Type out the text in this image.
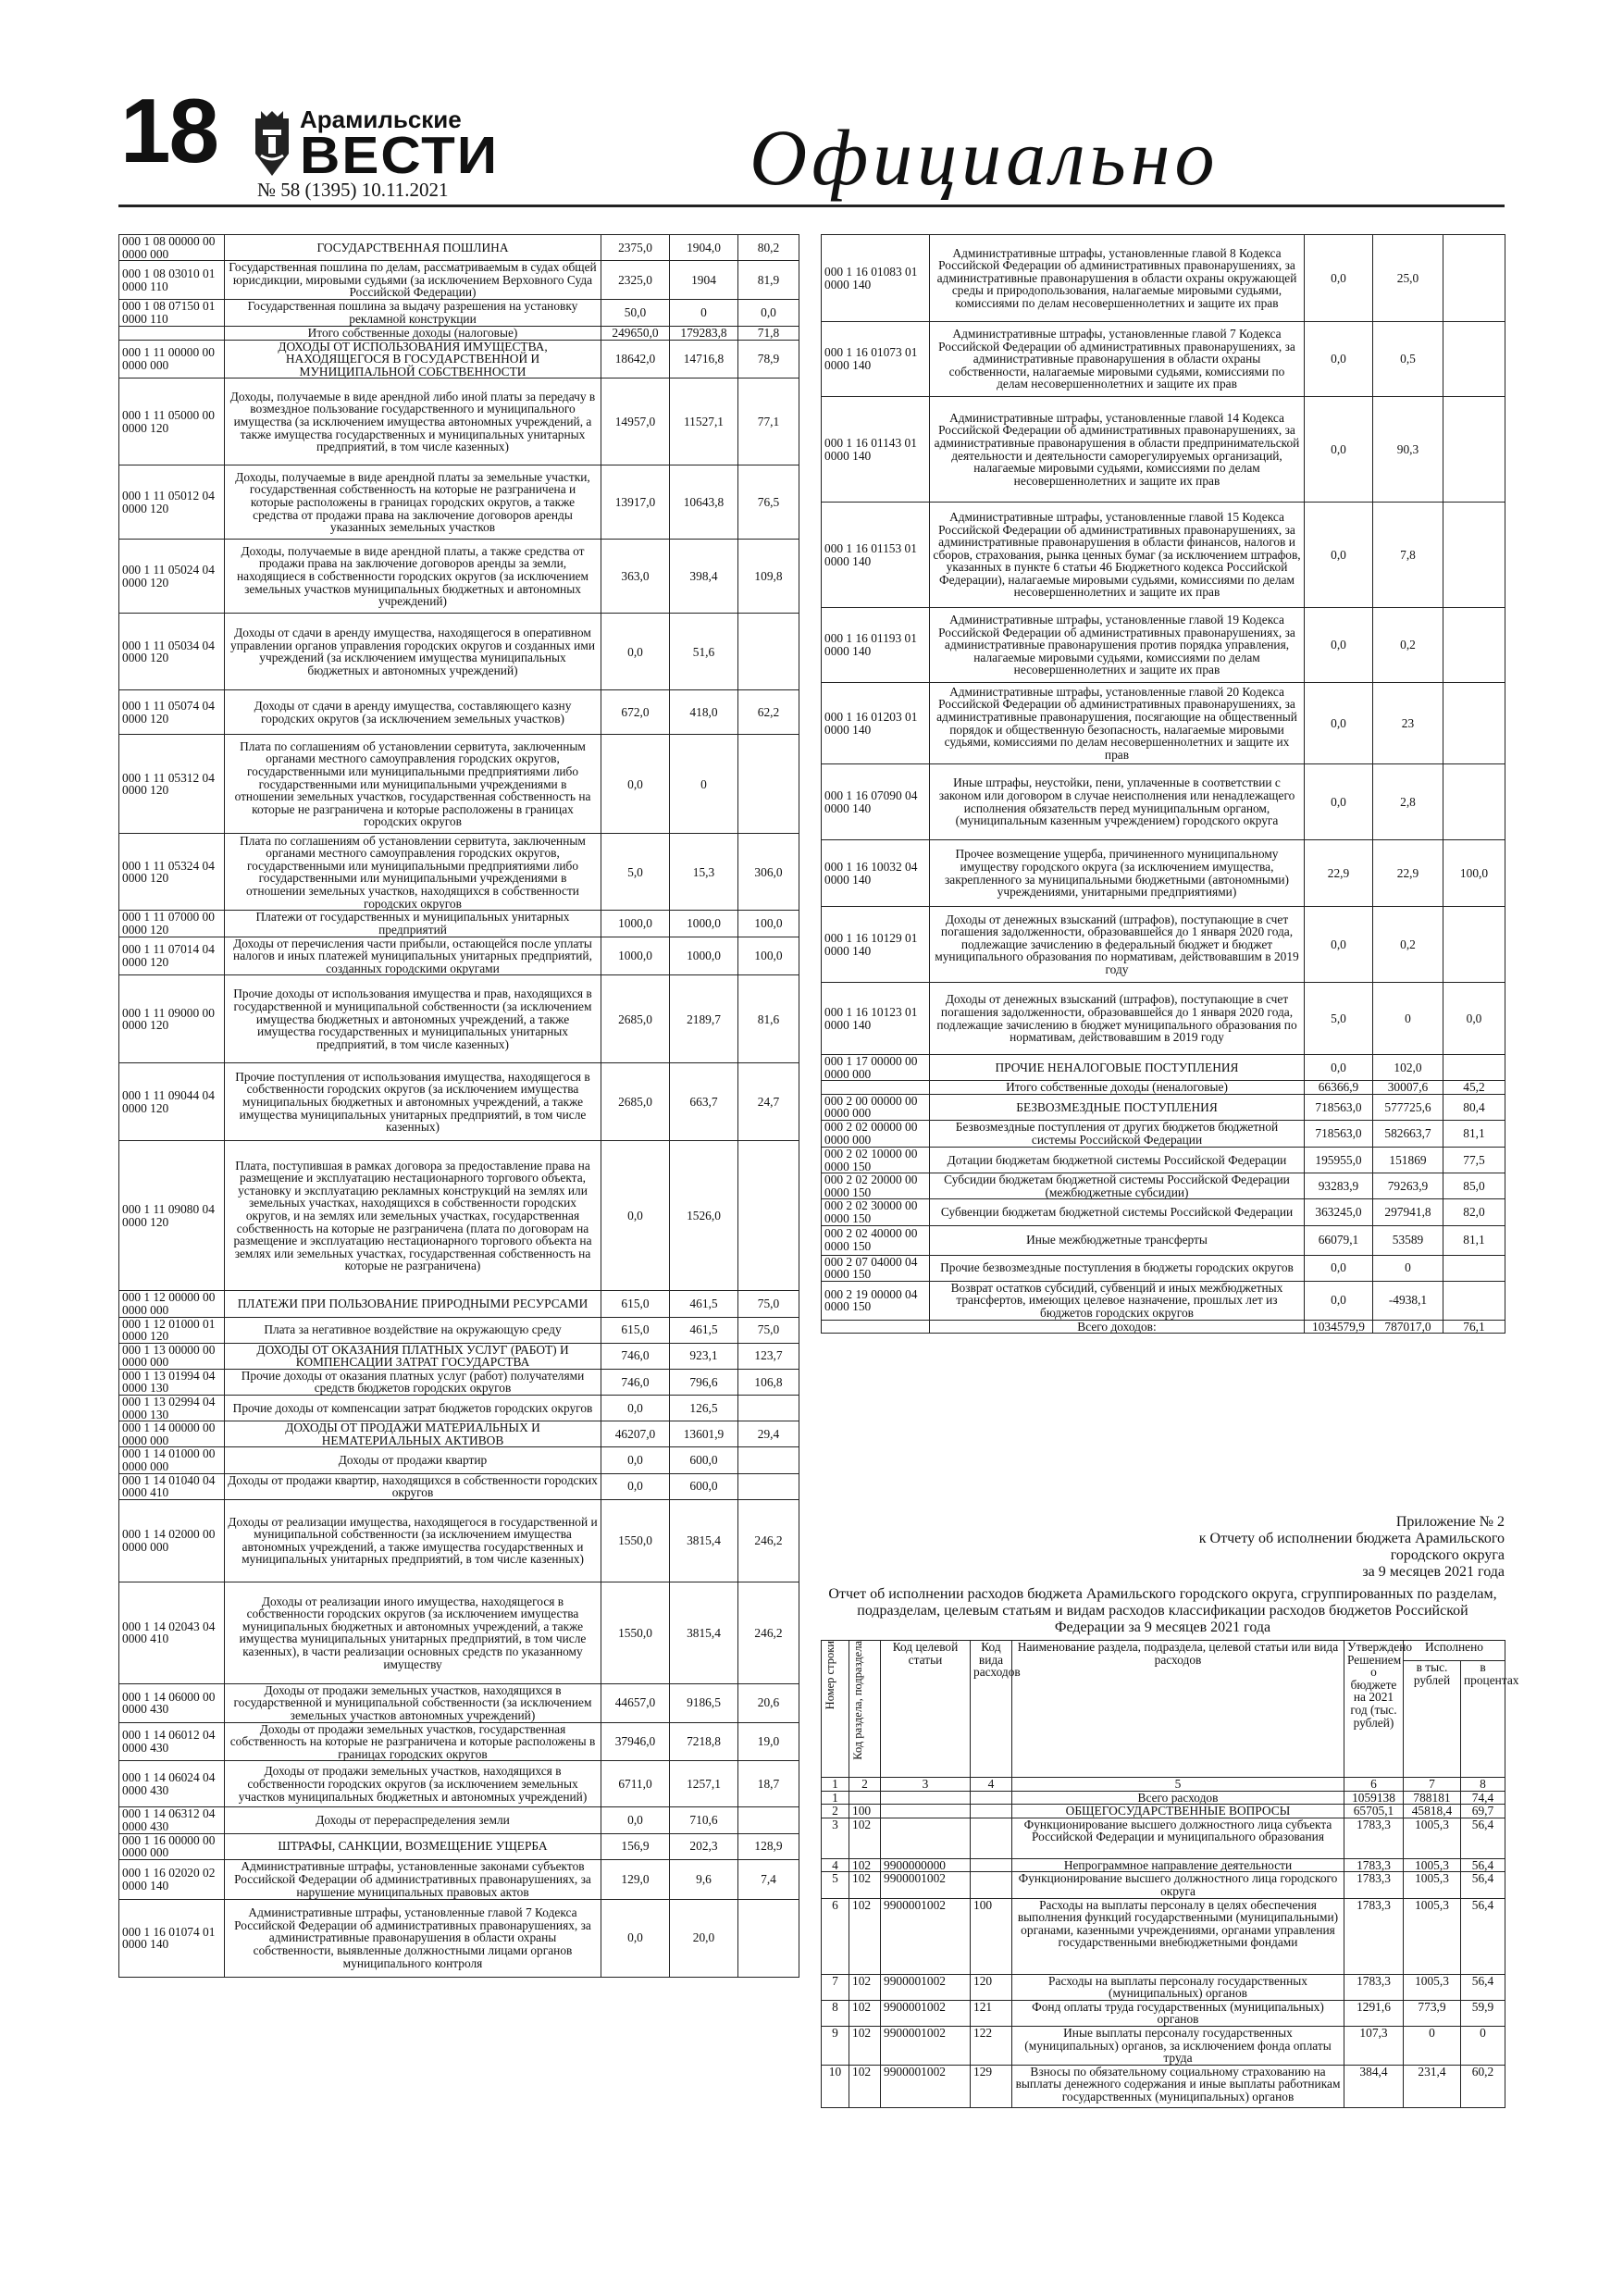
18	Арамильские
ВЕСТИ
№ 58 (1395) 10.11.2021	Официально
000 1 08 00000 00 0000 000	ГОСУДАРСТВЕННАЯ ПОШЛИНА	2375,0	1904,0	80,2
000 1 08 03010 01 0000 110	Государственная пошлина по делам, рассматриваемым в судах общей юрисдикции, мировыми судьями (за исключением Верховного Суда Российской Федерации)	2325,0	1904	81,9
000 1 08 07150 01 0000 110	Государственная пошлина за выдачу разрешения на установку рекламной конструкции	50,0	0	0,0
	Итого собственные доходы (налоговые)	249650,0	179283,8	71,8
000 1 11 00000 00 0000 000	ДОХОДЫ ОТ ИСПОЛЬЗОВАНИЯ ИМУЩЕСТВА, НАХОДЯЩЕГОСЯ В ГОСУДАРСТВЕННОЙ И МУНИЦИПАЛЬНОЙ СОБСТВЕННОСТИ	18642,0	14716,8	78,9
000 1 11 05000 00 0000 120	Доходы, получаемые в виде арендной либо иной платы за передачу в возмездное пользование государственного и муниципального имущества (за исключением имущества автономных учреждений, а также имущества государственных и муниципальных унитарных предприятий, в том числе казенных)	14957,0	11527,1	77,1
000 1 11 05012 04 0000 120	Доходы, получаемые в виде арендной платы за земельные участки, государственная собственность на которые не разграничена и которые расположены в границах городских округов, а также средства от продажи права на заключение договоров аренды указанных земельных участков	13917,0	10643,8	76,5
000 1 11 05024 04 0000 120	Доходы, получаемые в виде арендной платы, а также средства от продажи права на заключение договоров аренды за земли, находящиеся в собственности городских округов (за исключением земельных участков муниципальных бюджетных и автономных учреждений)	363,0	398,4	109,8
000 1 11 05034 04 0000 120	Доходы от сдачи в аренду имущества, находящегося в оперативном управлении органов управления городских округов и созданных ими учреждений (за исключением имущества муниципальных бюджетных и автономных учреждений)	0,0	51,6	
000 1 11 05074 04 0000 120	Доходы от сдачи в аренду имущества, составляющего казну городских округов (за исключением земельных участков)	672,0	418,0	62,2
000 1 11 05312 04 0000 120	Плата по соглашениям об установлении сервитута, заключенным органами местного самоуправления городских округов, государственными или муниципальными предприятиями либо государственными или муниципальными учреждениями в отношении земельных участков, государственная собственность на которые не разграничена и которые расположены в границах городских округов	0,0	0	
000 1 11 05324 04 0000 120	Плата по соглашениям об установлении сервитута, заключенным органами местного самоуправления городских округов, государственными или муниципальными предприятиями либо государственными или муниципальными учреждениями в отношении земельных участков, находящихся в собственности городских округов	5,0	15,3	306,0
000 1 11 07000 00 0000 120	Платежи от государственных и муниципальных унитарных предприятий	1000,0	1000,0	100,0
000 1 11 07014 04 0000 120	Доходы от перечисления части прибыли, остающейся после уплаты налогов и иных платежей муниципальных унитарных предприятий, созданных городскими округами	1000,0	1000,0	100,0
000 1 11 09000 00 0000 120	Прочие доходы от использования имущества и прав, находящихся в государственной и муниципальной собственности (за исключением имущества бюджетных и автономных учреждений, а также имущества государственных и муниципальных унитарных предприятий, в том числе казенных)	2685,0	2189,7	81,6
000 1 11 09044 04 0000 120	Прочие поступления от использования имущества, находящегося в собственности городских округов (за исключением имущества муниципальных бюджетных и автономных учреждений, а также имущества муниципальных унитарных предприятий, в том числе казенных)	2685,0	663,7	24,7
000 1 11 09080 04 0000 120	Плата, поступившая в рамках договора за предоставление права на размещение и эксплуатацию нестационарного торгового объекта, установку и эксплуатацию рекламных конструкций на землях или земельных участках, находящихся в собственности городских округов, и на землях или земельных участках, государственная собственность на которые не разграничена (плата по договорам на размещение и эксплуатацию нестационарного торгового объекта на землях или земельных участках, государственная собственность на которые не разграничена)	0,0	1526,0	
000 1 12 00000 00 0000 000	ПЛАТЕЖИ ПРИ ПОЛЬЗОВАНИЕ ПРИРОДНЫМИ РЕСУРСАМИ	615,0	461,5	75,0
000 1 12 01000 01 0000 120	Плата за негативное воздействие на окружающую среду	615,0	461,5	75,0
000 1 13 00000 00 0000 000	ДОХОДЫ ОТ ОКАЗАНИЯ ПЛАТНЫХ УСЛУГ (РАБОТ) И КОМПЕНСАЦИИ ЗАТРАТ ГОСУДАРСТВА	746,0	923,1	123,7
000 1 13 01994 04 0000 130	Прочие доходы от оказания платных услуг (работ) получателями средств бюджетов городских округов	746,0	796,6	106,8
000 1 13 02994 04 0000 130	Прочие доходы от компенсации затрат бюджетов городских округов	0,0	126,5	
000 1 14 00000 00 0000 000	ДОХОДЫ ОТ ПРОДАЖИ МАТЕРИАЛЬНЫХ И НЕМАТЕРИАЛЬНЫХ АКТИВОВ	46207,0	13601,9	29,4
000 1 14 01000 00 0000 000	Доходы от продажи квартир	0,0	600,0	
000 1 14 01040 04 0000 410	Доходы от продажи квартир, находящихся в собственности городских округов	0,0	600,0	
000 1 14 02000 00 0000 000	Доходы от реализации имущества, находящегося в государственной и муниципальной собственности (за исключением имущества автономных учреждений, а также имущества государственных и муниципальных унитарных предприятий, в том числе казенных)	1550,0	3815,4	246,2
000 1 14 02043 04 0000 410	Доходы от реализации иного имущества, находящегося в собственности городских округов (за исключением имущества муниципальных бюджетных и автономных учреждений, а также имущества муниципальных унитарных предприятий, в том числе казенных), в части реализации основных средств по указанному имуществу	1550,0	3815,4	246,2
000 1 14 06000 00 0000 430	Доходы от продажи земельных участков, находящихся в государственной и муниципальной собственности (за исключением земельных участков автономных учреждений)	44657,0	9186,5	20,6
000 1 14 06012 04 0000 430	Доходы от продажи земельных участков, государственная собственность на которые не разграничена и которые расположены в границах городских округов	37946,0	7218,8	19,0
000 1 14 06024 04 0000 430	Доходы от продажи земельных участков, находящихся в собственности городских округов (за исключением земельных участков муниципальных бюджетных и автономных учреждений)	6711,0	1257,1	18,7
000 1 14 06312 04 0000 430	Доходы от перераспределения земли	0,0	710,6	
000 1 16 00000 00 0000 000	ШТРАФЫ, САНКЦИИ, ВОЗМЕЩЕНИЕ УЩЕРБА	156,9	202,3	128,9
000 1 16 02020 02 0000 140	Административные штрафы, установленные законами субъектов Российской Федерации об административных правонарушениях, за нарушение муниципальных правовых актов	129,0	9,6	7,4
000 1 16 01074 01 0000 140	Административные штрафы, установленные главой 7 Кодекса Российской Федерации об административных правонарушениях, за административные правонарушения в области охраны собственности, выявленные должностными лицами органов муниципального контроля	0,0	20,0	
000 1 16 01083 01 0000 140	Административные штрафы, установленные главой 8 Кодекса Российской Федерации об административных правонарушениях, за административные правонарушения в области охраны окружающей среды и природопользования, налагаемые мировыми судьями, комиссиями по делам несовершеннолетних и защите их прав	0,0	25,0	
000 1 16 01073 01 0000 140	Административные штрафы, установленные главой 7 Кодекса Российской Федерации об административных правонарушениях, за административные правонарушения в области охраны собственности, налагаемые мировыми судьями, комиссиями по делам несовершеннолетних и защите их прав	0,0	0,5	
000 1 16 01143 01 0000 140	Административные штрафы, установленные главой 14 Кодекса Российской Федерации об административных правонарушениях, за административные правонарушения в области предпринимательской деятельности и деятельности саморегулируемых организаций, налагаемые мировыми судьями, комиссиями по делам несовершеннолетних и защите их прав	0,0	90,3	
000 1 16 01153 01 0000 140	Административные штрафы, установленные главой 15 Кодекса Российской Федерации об административных правонарушениях, за административные правонарушения в области финансов, налогов и сборов, страхования, рынка ценных бумаг (за исключением штрафов, указанных в пункте 6 статьи 46 Бюджетного кодекса Российской Федерации), налагаемые мировыми судьями, комиссиями по делам несовершеннолетних и защите их прав	0,0	7,8	
000 1 16 01193 01 0000 140	Административные штрафы, установленные главой 19 Кодекса Российской Федерации об административных правонарушениях, за административные правонарушения против порядка управления, налагаемые мировыми судьями, комиссиями по делам несовершеннолетних и защите их прав	0,0	0,2	
000 1 16 01203 01 0000 140	Административные штрафы, установленные главой 20 Кодекса Российской Федерации об административных правонарушениях, за административные правонарушения, посягающие на общественный порядок и общественную безопасность, налагаемые мировыми судьями, комиссиями по делам несовершеннолетних и защите их прав	0,0	23	
000 1 16 07090 04 0000 140	Иные штрафы, неустойки, пени, уплаченные в соответствии с законом или договором в случае неисполнения или ненадлежащего исполнения обязательств перед муниципальным органом, (муниципальным казенным учреждением) городского округа	0,0	2,8	
000 1 16 10032 04 0000 140	Прочее возмещение ущерба, причиненного муниципальному имуществу городского округа (за исключением имущества, закрепленного за муниципальными бюджетными (автономными) учреждениями, унитарными предприятиями)	22,9	22,9	100,0
000 1 16 10129 01 0000 140	Доходы от денежных взысканий (штрафов), поступающие в счет погашения задолженности, образовавшейся до 1 января 2020 года, подлежащие зачислению в федеральный бюджет и бюджет муниципального образования по нормативам, действовавшим в 2019 году	0,0	0,2	
000 1 16 10123 01 0000 140	Доходы от денежных взысканий (штрафов), поступающие в счет погашения задолженности, образовавшейся до 1 января 2020 года, подлежащие зачислению в бюджет муниципального образования по нормативам, действовавшим в 2019 году	5,0	0	0,0
000 1 17 00000 00 0000 000	ПРОЧИЕ НЕНАЛОГОВЫЕ ПОСТУПЛЕНИЯ	0,0	102,0	
	Итого собственные доходы (неналоговые)	66366,9	30007,6	45,2
000 2 00 00000 00 0000 000	БЕЗВОЗМЕЗДНЫЕ ПОСТУПЛЕНИЯ	718563,0	577725,6	80,4
000 2 02 00000 00 0000 000	Безвозмездные поступления от других бюджетов бюджетной системы Российской Федерации	718563,0	582663,7	81,1
000 2 02 10000 00 0000 150	Дотации бюджетам бюджетной системы Российской Федерации	195955,0	151869	77,5
000 2 02 20000 00 0000 150	Субсидии бюджетам бюджетной системы Российской Федерации (межбюджетные субсидии)	93283,9	79263,9	85,0
000 2 02 30000 00 0000 150	Субвенции бюджетам бюджетной системы Российской Федерации	363245,0	297941,8	82,0
000 2 02 40000 00 0000 150	Иные межбюджетные трансферты	66079,1	53589	81,1
000 2 07 04000 04 0000 150	Прочие безвозмездные поступления в бюджеты городских округов	0,0	0	
000 2 19 00000 04 0000 150	Возврат остатков субсидий, субвенций и иных межбюджетных трансфертов, имеющих целевое назначение, прошлых лет из бюджетов городских округов	0,0	-4938,1	
	Всего доходов:	1034579,9	787017,0	76,1
Приложение № 2
к Отчету об исполнении бюджета Арамильского
городского округа
за 9 месяцев 2021 года
Отчет об исполнении расходов бюджета Арамильского городского округа, сгруппированных по разделам, подразделам, целевым статьям и видам расходов классификации расходов бюджетов Российской Федерации за 9 месяцев 2021 года
Номер строки	Код раздела, подраздела	Код целевой статьи	Код вида расходов	Наименование раздела, подраздела, целевой статьи или вида расходов	Утвержденo Решением о бюджете на 2021 год (тыс. рублей)	Исполнено	
						в тыс. рублей	в процентах
1	2	3	4	5	6	7	8
1				Всего расходов	1059138	788181	74,4
2	100			ОБЩЕГОСУДАРСТВЕННЫЕ ВОПРОСЫ	65705,1	45818,4	69,7
3	102			Функционирование высшего должностного лица субъекта Российской Федерации и муниципального образования	1783,3	1005,3	56,4
4	102	9900000000		Непрограммное направление деятельности	1783,3	1005,3	56,4
5	102	9900001002		Функционирование высшего должностного лица городского округа	1783,3	1005,3	56,4
6	102	9900001002	100	Расходы на выплаты персоналу в целях обеспечения выполнения функций государственными (муниципальными) органами, казенными учреждениями, органами управления государственными внебюджетными фондами	1783,3	1005,3	56,4
7	102	9900001002	120	Расходы на выплаты персоналу государственных (муниципальных) органов	1783,3	1005,3	56,4
8	102	9900001002	121	Фонд оплаты труда государственных (муниципальных) органов	1291,6	773,9	59,9
9	102	9900001002	122	Иные выплаты персоналу государственных (муниципальных) органов, за исключением фонда оплаты труда	107,3	0	0
10	102	9900001002	129	Взносы по обязательному социальному страхованию на выплаты денежного содержания и иные выплаты работникам государственных (муниципальных) органов	384,4	231,4	60,2
